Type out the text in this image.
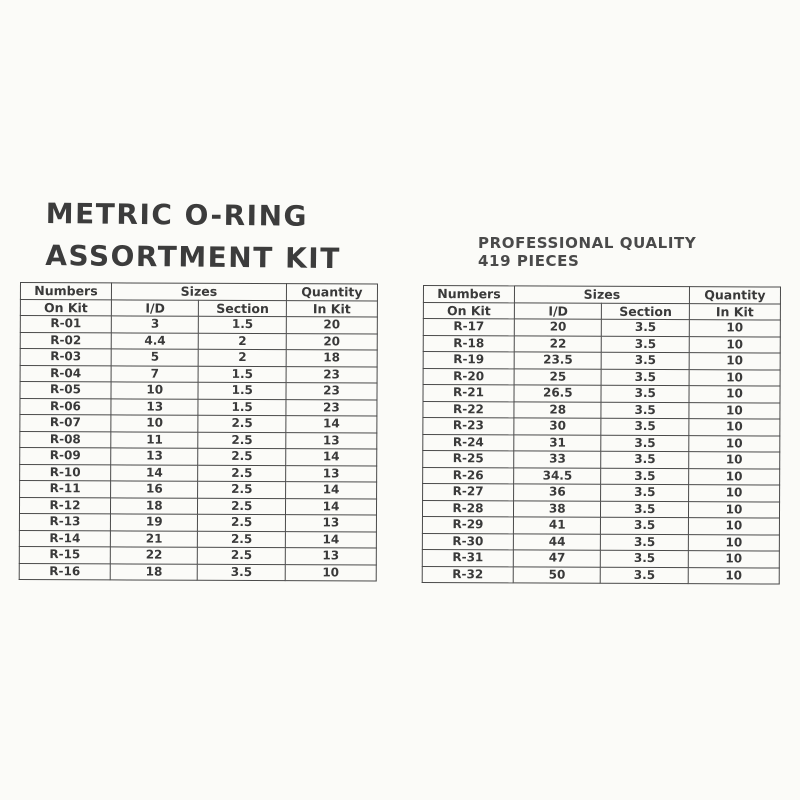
METRIC O-RING
ASSORTMENT KIT	PROFESSIONAL QUALITY
419 PIECES
Numbers	Sizes		Quantity
On Kit	I/D	Section	In Kit
R-01	3	1.5	20
R-02	4.4	2	20
R-03	5	2	18
R-04	7	1.5	23
R-05	10	1.5	23
R-06	13	1.5	23
R-07	10	2.5	14
R-08	11	2.5	13
R-09	13	2.5	14
R-10	14	2.5	13
R-11	16	2.5	14
R-12	18	2.5	14
R-13	19	2.5	13
R-14	21	2.5	14
R-15	22	2.5	13
R-16	18	3.5	10
Numbers	Sizes		Quantity
On Kit	I/D	Section	In Kit
R-17	20	3.5	10
R-18	22	3.5	10
R-19	23.5	3.5	10
R-20	25	3.5	10
R-21	26.5	3.5	10
R-22	28	3.5	10
R-23	30	3.5	10
R-24	31	3.5	10
R-25	33	3.5	10
R-26	34.5	3.5	10
R-27	36	3.5	10
R-28	38	3.5	10
R-29	41	3.5	10
R-30	44	3.5	10
R-31	47	3.5	10
R-32	50	3.5	10
